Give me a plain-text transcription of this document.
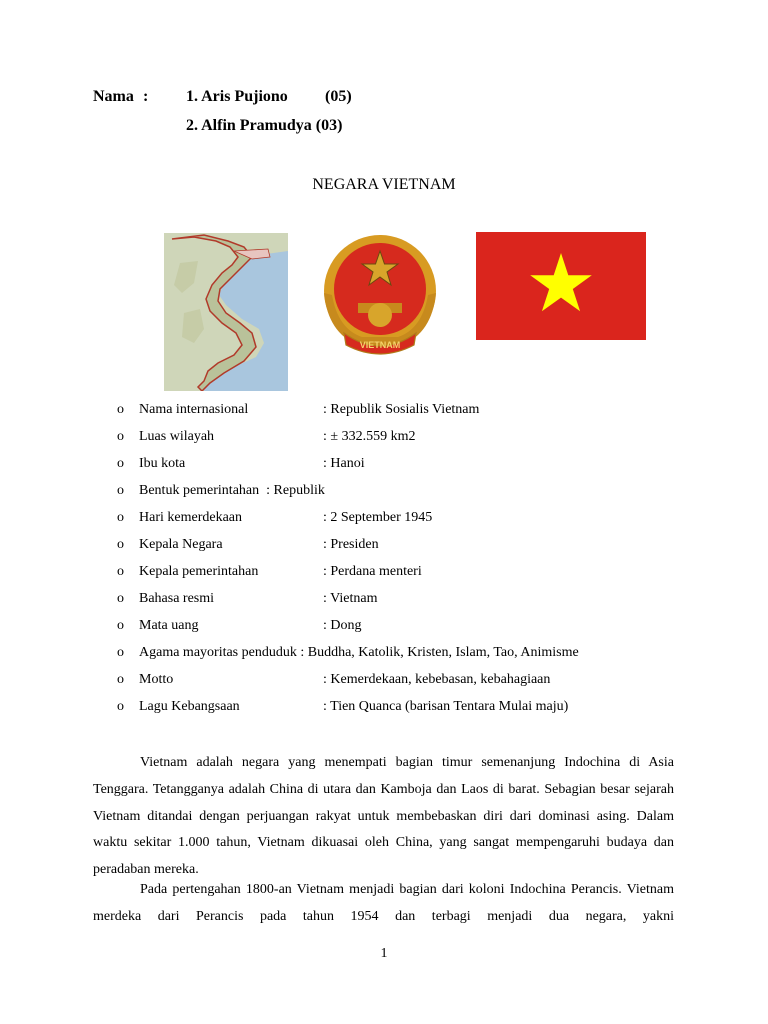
Nama : 1. Aris Pujiono (05)
2. Alfin Pramudya (03)
NEGARA VIETNAM
VIETNAM
o Nama internasional	: Republik Sosialis Vietnam
o Luas wilayah	: ± 332.559 km2
o Ibu kota	: Hanoi
o Bentuk pemerintahan  : Republik
o Hari kemerdekaan	: 2 September 1945
o Kepala Negara	: Presiden
o Kepala pemerintahan	: Perdana menteri
o Bahasa resmi	: Vietnam
o Mata uang	: Dong
o Agama mayoritas penduduk : Buddha, Katolik, Kristen, Islam, Tao, Animisme
o Motto	: Kemerdekaan, kebebasan, kebahagiaan
o Lagu Kebangsaan	: Tien Quanca (barisan Tentara Mulai maju)

Vietnam adalah negara yang menempati bagian timur semenanjung Indochina di Asia Tenggara. Tetangganya adalah China di utara dan Kamboja dan Laos di barat. Sebagian besar sejarah Vietnam ditandai dengan perjuangan rakyat untuk membebaskan diri dari dominasi asing. Dalam waktu sekitar 1.000 tahun, Vietnam dikuasai oleh China, yang sangat mempengaruhi budaya dan peradaban mereka.

Pada pertengahan 1800-an Vietnam menjadi bagian dari koloni Indochina Perancis. Vietnam merdeka dari Perancis pada tahun 1954 dan terbagi menjadi dua negara, yakni

1
